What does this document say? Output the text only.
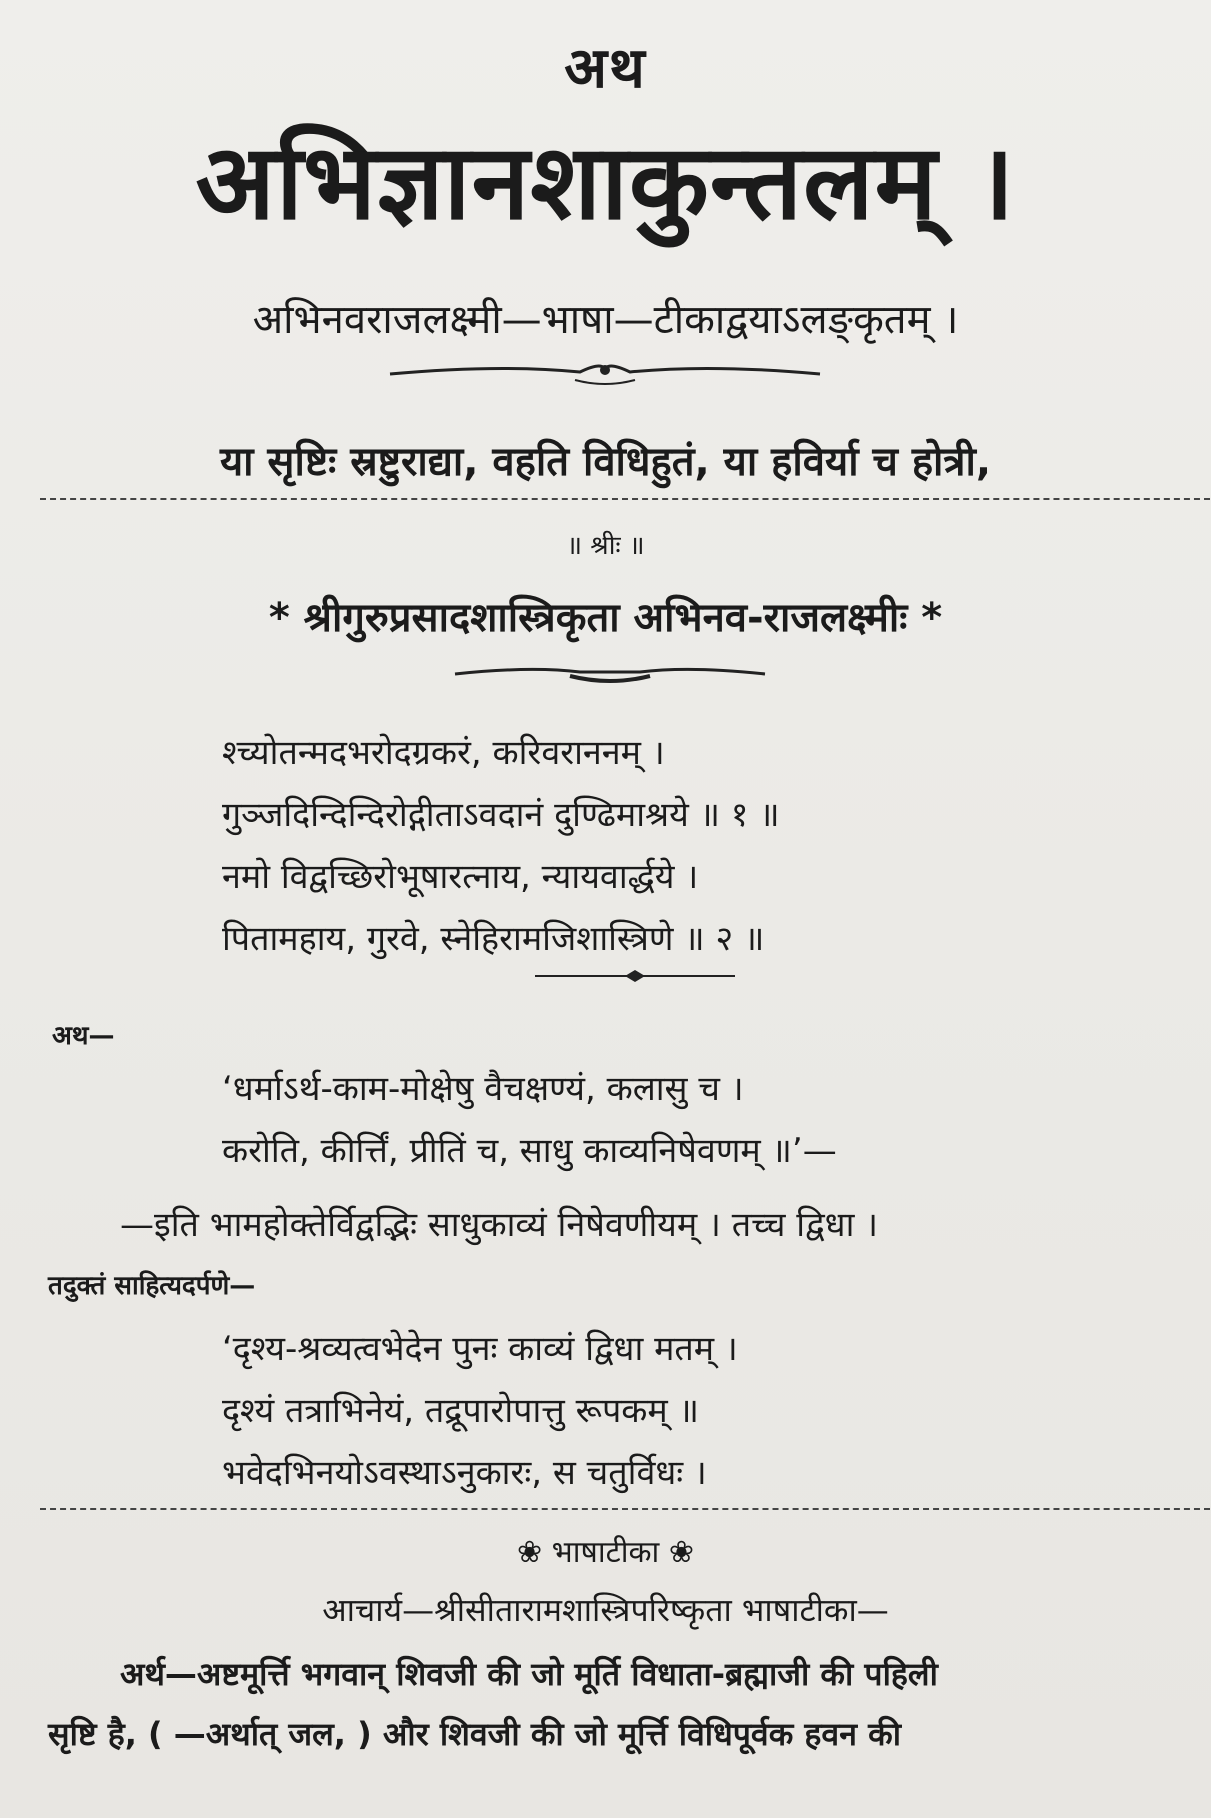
अथ
अभिज्ञानशाकुन्तलम् ।
अभिनवराजलक्ष्मी—भाषा—टीकाद्वयाऽलङ्कृतम् ।
या सृष्टिः स्रष्टुराद्या, वहति विधिहुतं, या हविर्या च होत्री,
॥ श्रीः ॥
* श्रीगुरुप्रसादशास्त्रिकृता अभिनव-राजलक्ष्मीः *
श्च्योतन्मदभरोदग्रकरं, करिवराननम् ।
गुञ्जदिन्दिन्दिरोद्गीताऽवदानं दुण्ढिमाश्रये ॥ १ ॥
नमो विद्वच्छिरोभूषारत्नाय, न्यायवार्द्धये ।
पितामहाय, गुरवे, स्नेहिरामजिशास्त्रिणे ॥ २ ॥
अथ—
‘धर्माऽर्थ-काम-मोक्षेषु वैचक्षण्यं, कलासु च ।
करोति, कीर्त्तिं, प्रीतिं च, साधु काव्यनिषेवणम् ॥’—
—इति भामहोक्तेर्विद्वद्भिः साधुकाव्यं निषेवणीयम् । तच्च द्विधा ।
तदुक्तं साहित्यदर्पणे—
‘दृश्य-श्रव्यत्वभेदेन पुनः काव्यं द्विधा मतम् ।
दृश्यं तत्राभिनेयं, तद्रूपारोपात्तु रूपकम् ॥
भवेदभिनयोऽवस्थाऽनुकारः, स चतुर्विधः ।
❀ भाषाटीका ❀
आचार्य—श्रीसीतारामशास्त्रिपरिष्कृता भाषाटीका—
अर्थ—अष्टमूर्त्ति भगवान् शिवजी की जो मूर्ति विधाता-ब्रह्माजी की पहिली
सृष्टि है, ( —अर्थात् जल, ) और शिवजी की जो मूर्त्ति विधिपूर्वक हवन की
